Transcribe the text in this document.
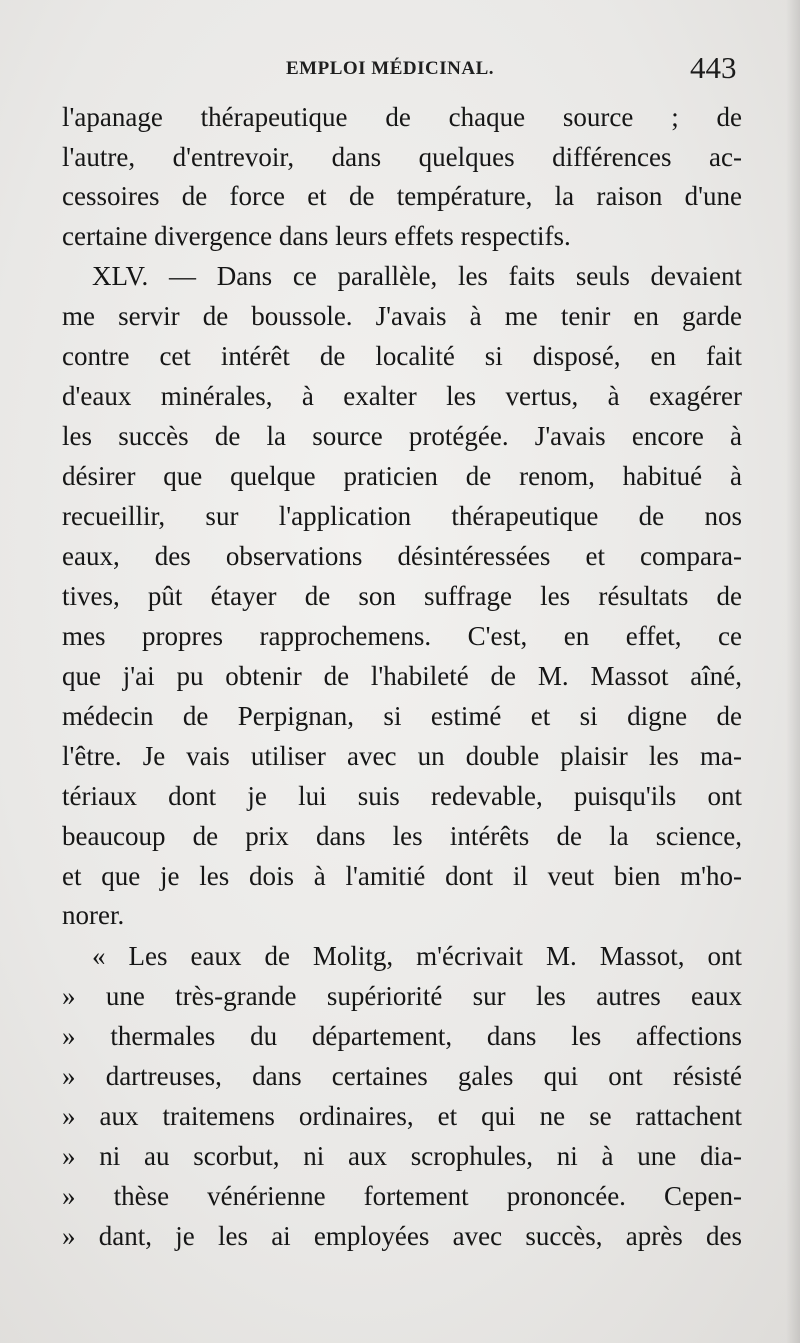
EMPLOI MÉDICINAL.	443
l'apanage thérapeutique de chaque source ; de
l'autre, d'entrevoir, dans quelques différences ac-
cessoires de force et de température, la raison d'une
certaine divergence dans leurs effets respectifs.
XLV. — Dans ce parallèle, les faits seuls devaient
me servir de boussole. J'avais à me tenir en garde
contre cet intérêt de localité si disposé, en fait
d'eaux minérales, à exalter les vertus, à exagérer
les succès de la source protégée. J'avais encore à
désirer que quelque praticien de renom, habitué à
recueillir, sur l'application thérapeutique de nos
eaux, des observations désintéressées et compara-
tives, pût étayer de son suffrage les résultats de
mes propres rapprochemens. C'est, en effet, ce
que j'ai pu obtenir de l'habileté de M. Massot aîné,
médecin de Perpignan, si estimé et si digne de
l'être. Je vais utiliser avec un double plaisir les ma-
tériaux dont je lui suis redevable, puisqu'ils ont
beaucoup de prix dans les intérêts de la science,
et que je les dois à l'amitié dont il veut bien m'ho-
norer.
« Les eaux de Molitg, m'écrivait M. Massot, ont
» une très-grande supériorité sur les autres eaux
» thermales du département, dans les affections
» dartreuses, dans certaines gales qui ont résisté
» aux traitemens ordinaires, et qui ne se rattachent
» ni au scorbut, ni aux scrophules, ni à une dia-
» thèse vénérienne fortement prononcée. Cepen-
» dant, je les ai employées avec succès, après des
